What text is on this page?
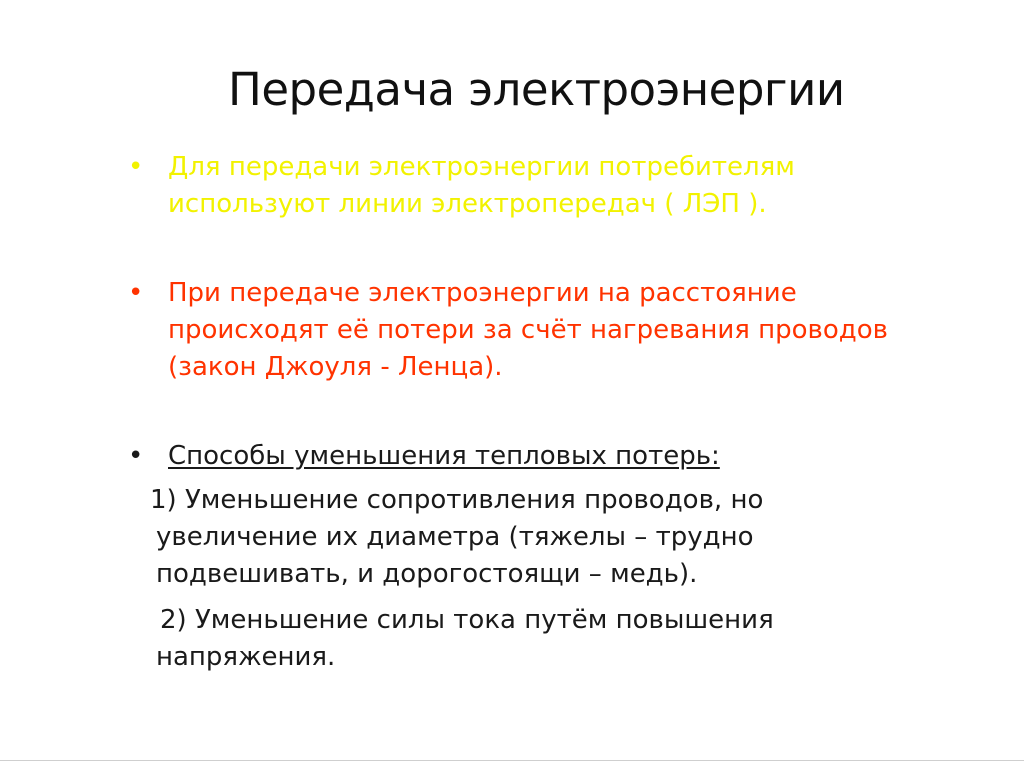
Передача электроэнергии
• Для передачи электроэнергии потребителям
используют линии электропередач ( ЛЭП ).
• При передаче электроэнергии на расстояние
происходят её потери за счёт нагревания проводов
(закон Джоуля - Ленца).
• Способы уменьшения тепловых потерь:
1) Уменьшение сопротивления проводов, но
увеличение их диаметра (тяжелы – трудно
подвешивать, и дорогостоящи – медь).
2) Уменьшение силы тока путём повышения
напряжения.
